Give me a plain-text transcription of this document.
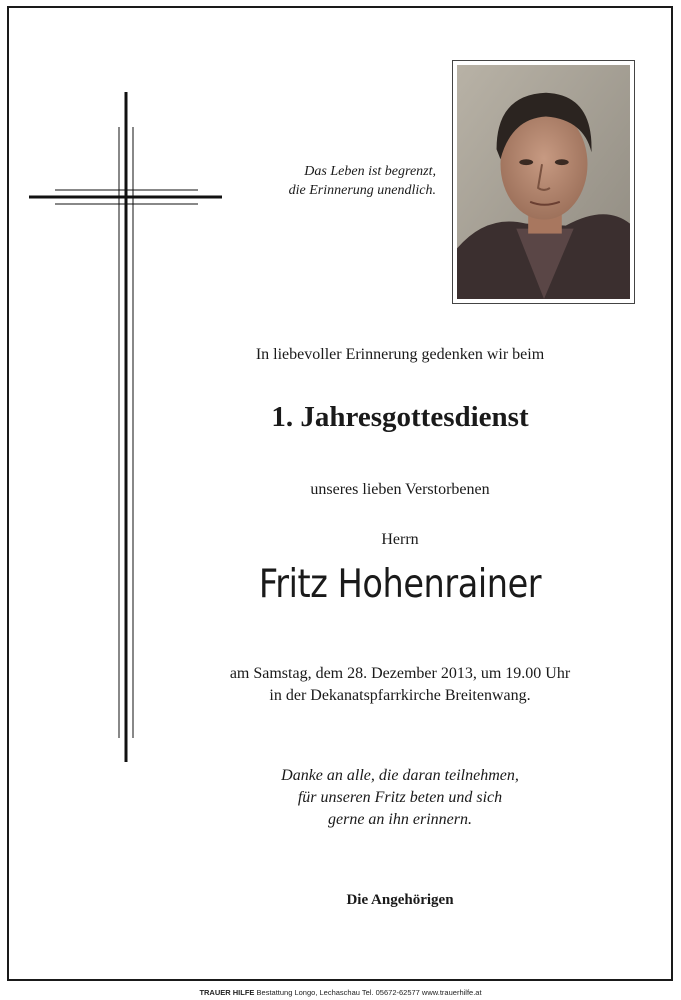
Das Leben ist begrenzt,
die Erinnerung unendlich.
In liebevoller Erinnerung gedenken wir beim
1. Jahresgottesdienst
unseres lieben Verstorbenen
Herrn
Fritz Hohenrainer
am Samstag, dem 28. Dezember 2013, um 19.00 Uhr
in der Dekanatspfarrkirche Breitenwang.
Danke an alle, die daran teilnehmen,
für unseren Fritz beten und sich
gerne an ihn erinnern.
Die Angehörigen
TRAUER HILFE Bestattung Longo, Lechaschau Tel. 05672-62577 www.trauerhilfe.at
